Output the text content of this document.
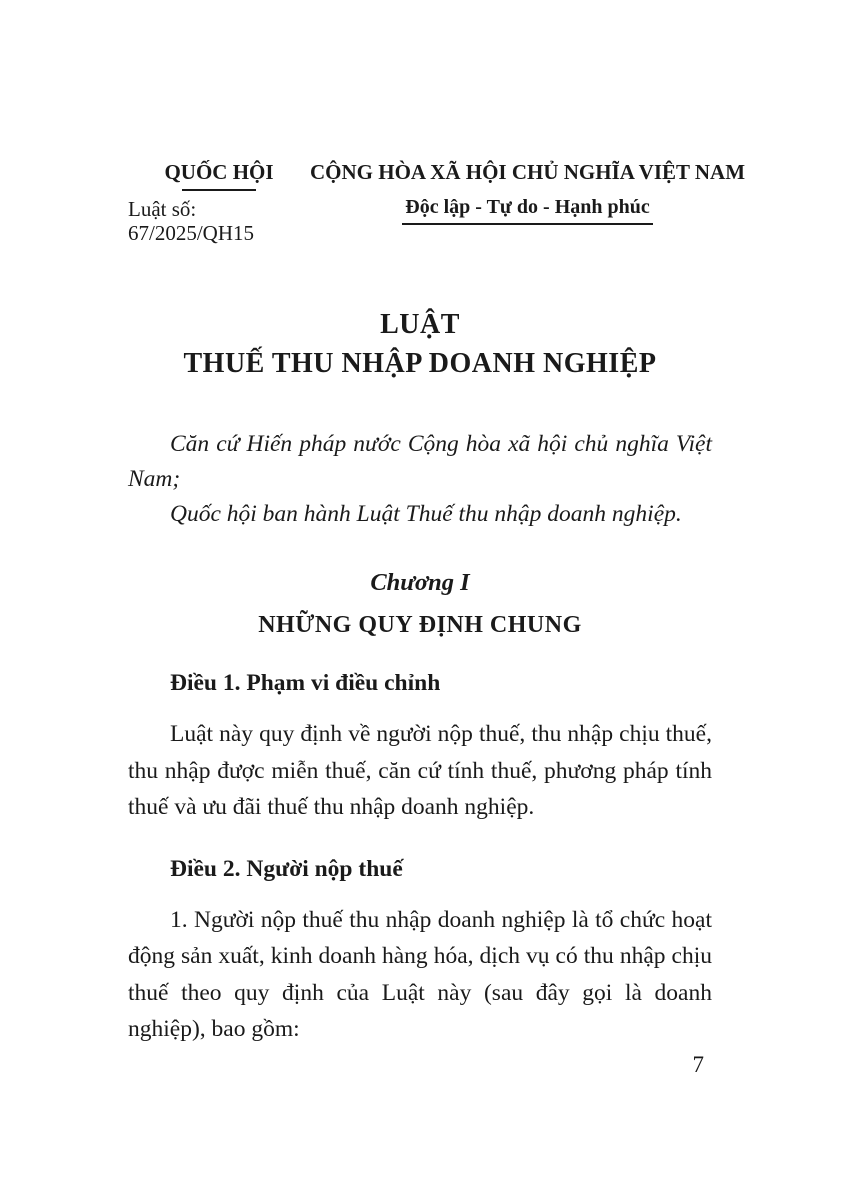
QUỐC HỘI
Luật số: 67/2025/QH15
CỘNG HÒA XÃ HỘI CHỦ NGHĨA VIỆT NAM
Độc lập - Tự do - Hạnh phúc
LUẬT
THUẾ THU NHẬP DOANH NGHIỆP

Căn cứ Hiến pháp nước Cộng hòa xã hội chủ nghĩa Việt Nam;

Quốc hội ban hành Luật Thuế thu nhập doanh nghiệp.

Chương I
NHỮNG QUY ĐỊNH CHUNG
Điều 1. Phạm vi điều chỉnh

Luật này quy định về người nộp thuế, thu nhập chịu thuế, thu nhập được miễn thuế, căn cứ tính thuế, phương pháp tính thuế và ưu đãi thuế thu nhập doanh nghiệp.

Điều 2. Người nộp thuế

1. Người nộp thuế thu nhập doanh nghiệp là tổ chức hoạt động sản xuất, kinh doanh hàng hóa, dịch vụ có thu nhập chịu thuế theo quy định của Luật này (sau đây gọi là doanh nghiệp), bao gồm:

7
